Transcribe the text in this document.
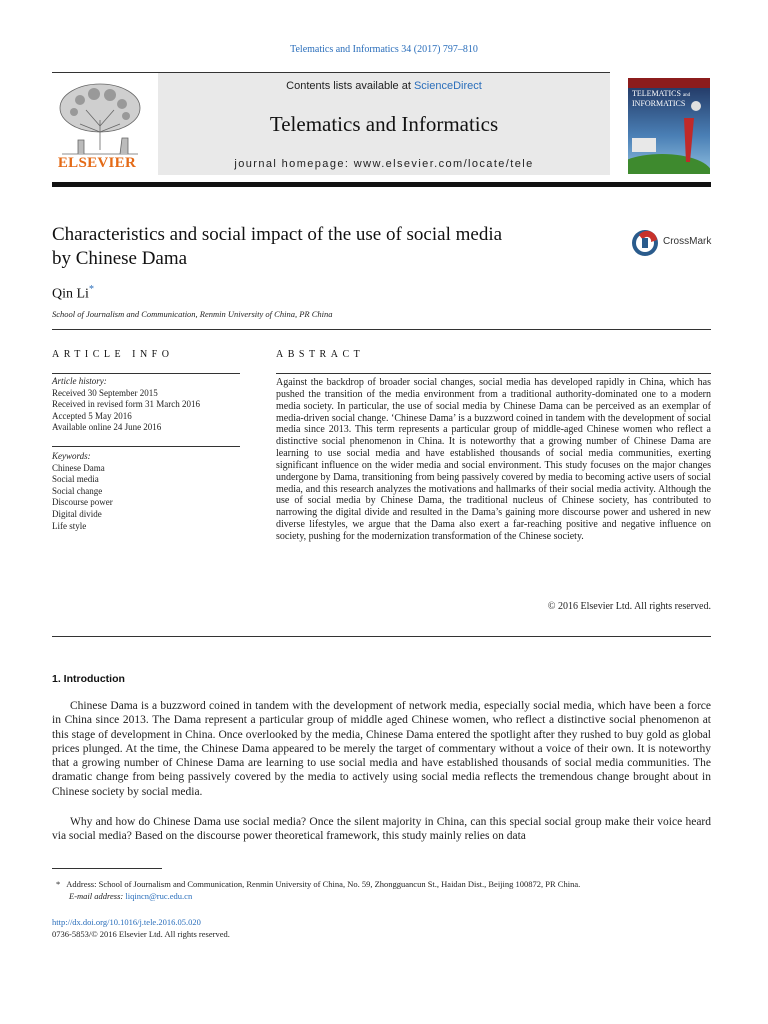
Telematics and Informatics 34 (2017) 797–810
ELSEVIER
Contents lists available at ScienceDirect
Telematics and Informatics
journal homepage: www.elsevier.com/locate/tele
TELEMATICS and
INFORMATICS
Characteristics and social impact of the use of social media
by Chinese Dama
CrossMark
Qin Li*
School of Journalism and Communication, Renmin University of China, PR China
ARTICLE INFO
Article history:
Received 30 September 2015
Received in revised form 31 March 2016
Accepted 5 May 2016
Available online 24 June 2016
Keywords:
Chinese Dama
Social media
Social change
Discourse power
Digital divide
Life style
ABSTRACT
Against the backdrop of broader social changes, social media has developed rapidly in China, which has pushed the transition of the media environment from a traditional authority-dominated one to a modern media society. In particular, the use of social media by Chinese Dama can be perceived as an exemplar of media-driven social change. ‘Chinese Dama’ is a buzzword coined in tandem with the development of social media since 2013. This term represents a particular group of middle-aged Chinese women who reflect a distinctive social phenomenon in China. It is noteworthy that a growing number of Chinese Dama are learning to use social media and have established thousands of social media communities, exerting significant influence on the wider media and social environment. This study focuses on the major changes undergone by Dama, transitioning from being passively covered by media to becoming active users of social media, and this research analyzes the motivations and hallmarks of their social media activity. Although the use of social media by Chinese Dama, the traditional nucleus of Chinese society, has contributed to narrowing the digital divide and resulted in the Dama’s gaining more discourse power and ushered in new diverse lifestyles, we argue that the Dama also exert a far-reaching positive and negative influence on society, pushing for the modernization transformation of the Chinese society.
© 2016 Elsevier Ltd. All rights reserved.
1. Introduction
Chinese Dama is a buzzword coined in tandem with the development of network media, especially social media, which have been a force in China since 2013. The Dama represent a particular group of middle aged Chinese women, who reflect a distinctive social phenomenon at this stage of development in China. Once overlooked by the media, Chinese Dama entered the spotlight after they rushed to buy gold as global prices plunged. At the time, the Chinese Dama appeared to be merely the target of commentary without a voice of their own. It is noteworthy that a growing number of Chinese Dama are learning to use social media and have established thousands of social media communities. The dramatic change from being passively covered by the media to actively using social media reflects the tremendous change brought about in Chinese society by social media.
Why and how do Chinese Dama use social media? Once the silent majority in China, can this special social group make their voice heard via social media? Based on the discourse power theoretical framework, this study mainly relies on data
* Address: School of Journalism and Communication, Renmin University of China, No. 59, Zhongguancun St., Haidan Dist., Beijing 100872, PR China.
E-mail address: liqincn@ruc.edu.cn
http://dx.doi.org/10.1016/j.tele.2016.05.020
0736-5853/© 2016 Elsevier Ltd. All rights reserved.
